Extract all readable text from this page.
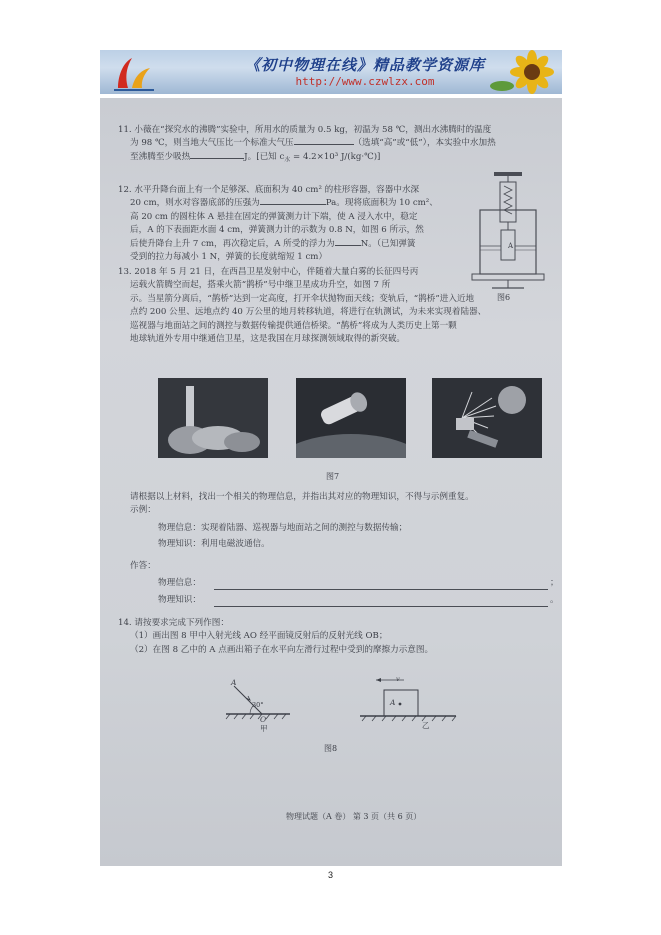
《初中物理在线》精品教学资源库
http://www.czwlzx.com
11. 小薇在“探究水的沸腾”实验中，所用水的质量为 0.5 kg，初温为 58 ℃，测出水沸腾时的温度
为 98 ℃，则当地大气压比一个标准大气压	（选填“高”或“低”），本实验中水加热
至沸腾至少吸热	J。[已知 $c_水 = 4.2\times 10^3$ J/(kg·℃)]
12. 水平升降台面上有一个足够深、底面积为 40 cm² 的柱形容器，容器中水深
20 cm，则水对容器底部的压强为	Pa。现将底面积为 10 cm²、
高 20 cm 的圆柱体 A 悬挂在固定的弹簧测力计下端，使 A 浸入水中，稳定
后，A 的下表面距水面 4 cm，弹簧测力计的示数为 0.8 N，如图 6 所示，然
后使升降台上升 7 cm，再次稳定后，A 所受的浮力为	N。（已知弹簧
受到的拉力每减小 1 N，弹簧的长度就缩短 1 cm）
A
图6
13. 2018 年 5 月 21 日，在西昌卫星发射中心，伴随着大量白雾的长征四号丙
运载火箭腾空而起，搭乘火箭“鹊桥”号中继卫星成功升空，如图 7 所
示。当星箭分离后，“鹊桥”达到一定高度，打开伞状抛物面天线；变轨后，“鹊桥”进入近地
点约 200 公里、远地点约 40 万公里的地月转移轨道，将进行在轨测试，为未来实现着陆器、
巡视器与地面站之间的测控与数据传输提供通信桥梁。“鹊桥”将成为人类历史上第一颗
地球轨道外专用中继通信卫星，这是我国在月球探测领域取得的新突破。
图7
请根据以上材料，找出一个相关的物理信息，并指出其对应的物理知识，不得与示例重复。
示例：
物理信息：实现着陆器、巡视器与地面站之间的测控与数据传输；
物理知识：利用电磁波通信。
作答：
物理信息：	；
物理知识：	。
14. 请按要求完成下列作图：
（1）画出图 8 甲中入射光线 AO 经平面镜反射后的反射光线 OB；
（2）在图 8 乙中的 A 点画出箱子在水平向左滑行过程中受到的摩擦力示意图。
A
30°
O
甲
v
A
乙
图8
物理试题（A 卷） 第 3 页（共 6 页）
3
